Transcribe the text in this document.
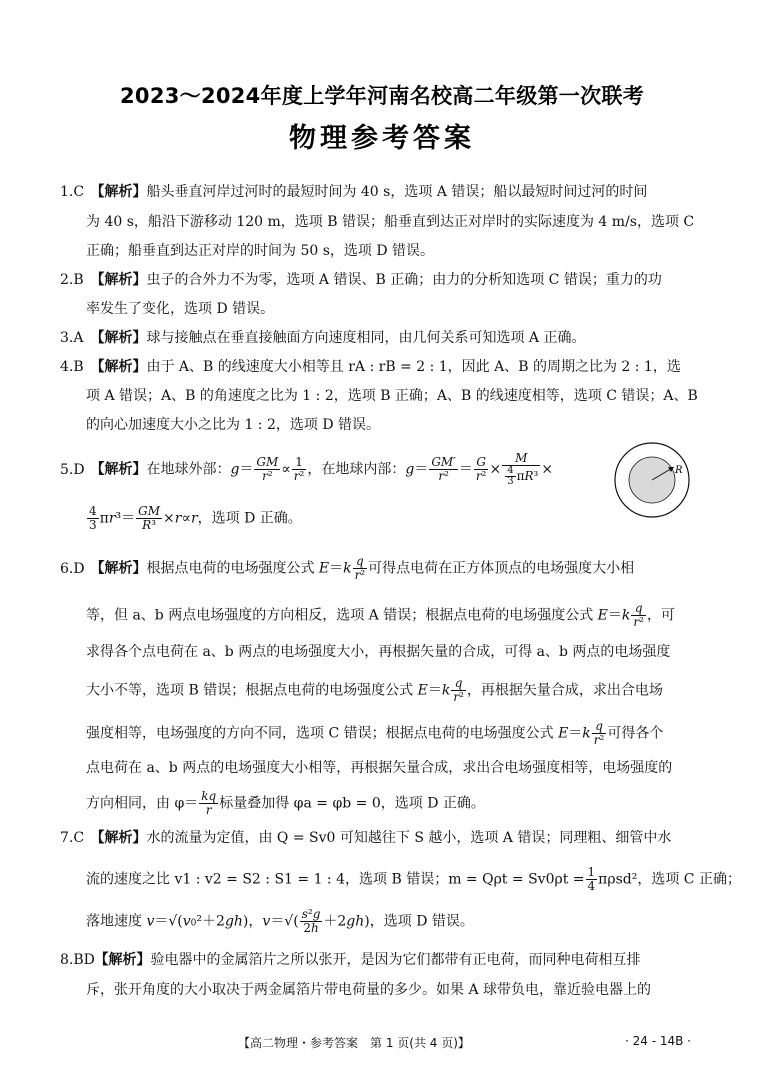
2023～2024年度上学年河南名校高二年级第一次联考
物理参考答案
1.C 【解析】船头垂直河岸过河时的最短时间为 40 s，选项 A 错误；船以最短时间过河的时间
为 40 s，船沿下游移动 120 m，选项 B 错误；船垂直到达正对岸时的实际速度为 4 m/s，选项 C
正确；船垂直到达正对岸的时间为 50 s，选项 D 错误。
2.B 【解析】虫子的合外力不为零，选项 A 错误、B 正确；由力的分析知选项 C 错误；重力的功
率发生了变化，选项 D 错误。
3.A 【解析】球与接触点在垂直接触面方向速度相同，由几何关系可知选项 A 正确。
4.B 【解析】由于 A、B 的线速度大小相等且 rA : rB = 2 : 1，因此 A、B 的周期之比为 2 : 1，选
项 A 错误；A、B 的角速度之比为 1 : 2，选项 B 正确；A、B 的线速度相等，选项 C 错误；A、B
的向心加速度大小之比为 1 : 2，选项 D 错误。
5.D 【解析】在地球外部：$g= \frac{GM}{\text{r²}} \propto \frac{1}{\text{r²}}$ ，在地球内部：$g= \frac{GM'}{\text{r²}} = \frac{G}{\text{r²}} \times \frac{M}{\frac{4}{3} \pi R^3}$ ×
$\frac{4}{3} \pi r^3= \frac{GM}{\text{R³}} \times r\propto r$，选项 D 正确。
R
6.D 【解析】根据点电荷的电场强度公式 $E=k \frac{q}{\text{r²}}$ 可得点电荷在正方体顶点的电场强度大小相
等，但 a、b 两点电场强度的方向相反，选项 A 错误；根据点电荷的电场强度公式 $E=k \frac{q}{\text{r²}}$ ，可
求得各个点电荷在 a、b 两点的电场强度大小，再根据矢量的合成，可得 a、b 两点的电场强度
大小不等，选项 B 错误；根据点电荷的电场强度公式 $E=k \frac{q}{\text{r²}}$ ，再根据矢量合成，求出合电场
强度相等，电场强度的方向不同，选项 C 错误；根据点电荷的电场强度公式 $E=k \frac{q}{\text{r²}}$ 可得各个
点电荷在 a、b 两点的电场强度大小相等，再根据矢量合成，求出合电场强度相等，电场强度的
方向相同，由 $\varphi= \frac{kq}{r}$ 标量叠加得 φa = φb = 0，选项 D 正确。
7.C 【解析】水的流量为定值，由 Q = Sv0 可知越往下 S 越小，选项 A 错误；同理粗、细管中水
流的速度之比 v1 : v2 = S2 : S1 = 1 : 4，选项 B 错误；$m = Q\rho t = Sv0\rho t = \frac{1}{4} \pi\rho sd^2$，选项 C 正确；
落地速度 v＝√(v0²＋2gh)，$v=√( \frac{\text{s²g}}{2h} +2gh)$，选项 D 错误。
8.BD 【解析】验电器中的金属箔片之所以张开，是因为它们都带有正电荷，而同种电荷相互排
斥，张开角度的大小取决于两金属箔片带电荷量的多少。如果 A 球带负电，靠近验电器上的
【高二物理・参考答案　第 1 页(共 4 页)】	· 24 - 14B ·
